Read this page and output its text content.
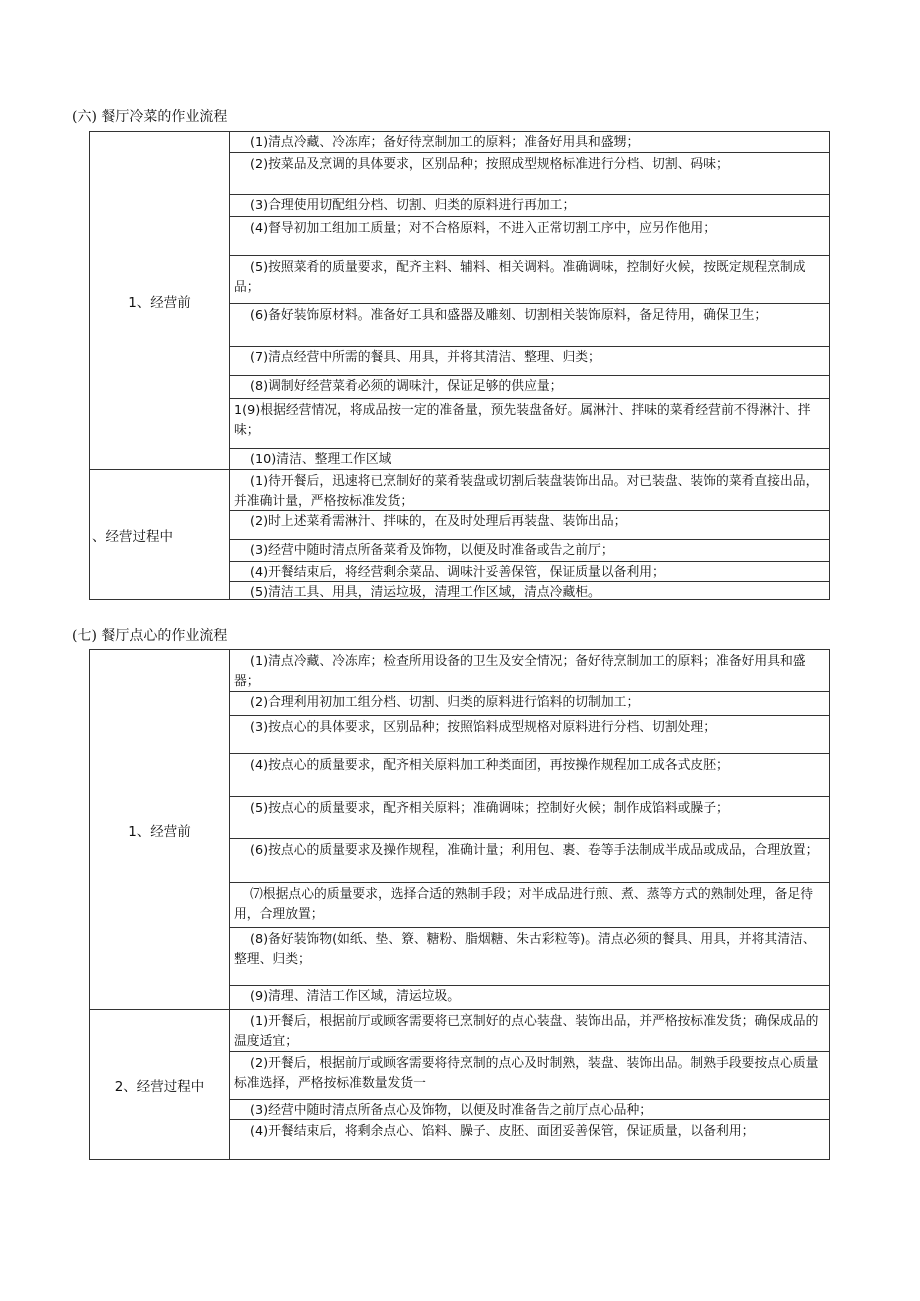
(六) 餐厅冷菜的作业流程
1、经营前
、经营过程中
(1)清点冷藏、冷冻库；备好待烹制加工的原料；准备好用具和盛甥；
(2)按菜品及烹调的具体要求，区别品种；按照成型规格标准进行分档、切割、码味；
(3)合理使用切配组分档、切割、归类的原料进行再加工；
(4)督导初加工组加工质量；对不合格原料，不进入正常切割工序中，应另作他用；
(5)按照菜肴的质量要求，配齐主料、辅料、相关调料。准确调味，控制好火候，按既定规程烹制成品；
(6)备好装饰原材料。准备好工具和盛器及雕刻、切割相关装饰原料，备足待用，确保卫生；
(7)清点经营中所需的餐具、用具，并将其清洁、整理、归类；
(8)调制好经营菜肴必须的调味汁，保证足够的供应量；
1(9)根据经营情况，将成品按一定的准备量，预先装盘备好。属淋汁、拌味的菜肴经营前不得淋汁、拌味；
(10)清洁、整理工作区域
(1)待开餐后，迅速将已烹制好的菜肴装盘或切割后装盘装饰出品。对已装盘、装饰的菜肴直接出品，并准确计量，严格按标准发货；
(2)时上述菜肴需淋汁、拌味的，在及时处理后再装盘、装饰出品；
(3)经营中随时清点所备菜肴及饰物，以便及时准备或告之前厅；
(4)开餐结束后，将经营剩余菜品、调味汁妥善保管，保证质量以备利用；
(5)清洁工具、用具，清运垃圾，清理工作区域，清点冷藏柜。
(七) 餐厅点心的作业流程
1、经营前
2、经营过程中
(1)清点冷藏、冷冻库；检查所用设备的卫生及安全情况；备好待烹制加工的原料；准备好用具和盛器；
(2)合理利用初加工组分档、切割、归类的原料进行馅料的切制加工；
(3)按点心的具体要求，区别品种；按照馅料成型规格对原料进行分档、切割处理；
(4)按点心的质量要求，配齐相关原料加工种类面团，再按操作规程加工成各式皮胚；
(5)按点心的质量要求，配齐相关原料；准确调味；控制好火候；制作成馅料或臊子；
(6)按点心的质量要求及操作规程，准确计量；利用包、裹、卷等手法制成半成品或成品，合理放置；
⑺根据点心的质量要求，选择合适的熟制手段；对半成品进行煎、煮、蒸等方式的熟制处理，备足待用，合理放置；
(8)备好装饰物(如纸、垫、簝、糖粉、脂烟糖、朱古彩粒等)。清点必须的餐具、用具，并将其清洁、整理、归类；
(9)清理、清洁工作区域，清运垃圾。
(1)开餐后，根据前厅或顾客需要将已烹制好的点心装盘、装饰出品，并严格按标准发货；确保成品的温度适宜；
(2)开餐后，根据前厅或顾客需要将待烹制的点心及时制熟，装盘、装饰出品。制熟手段要按点心质量标准选择，严格按标准数量发货一
(3)经营中随时清点所备点心及饰物，以便及时准备告之前厅点心品种；
(4)开餐结束后，将剩余点心、馅料、臊子、皮胚、面团妥善保管，保证质量，以备利用；
